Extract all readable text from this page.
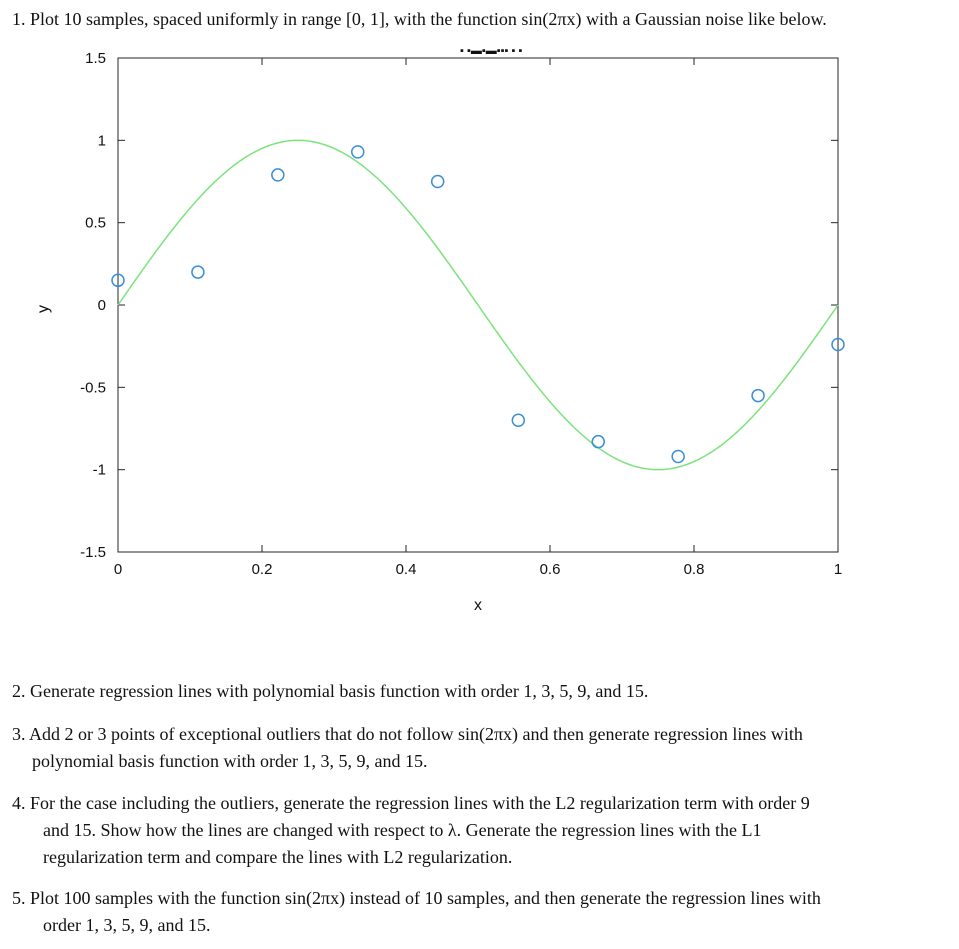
1. Plot 10 samples, spaced uniformly in range [0, 1], with the function sin(2πx) with a Gaussian noise like below.

▪ ▪▬▪▬▪▪▪ ▪ ▪
1.5
1
0.5
0
-0.5
-1
-1.5
0	0.2	0.4	0.6	0.8	1
x
y

2. Generate regression lines with polynomial basis function with order 1, 3, 5, 9, and 15.

3. Add 2 or 3 points of exceptional outliers that do not follow sin(2πx) and then generate regression lines with

polynomial basis function with order 1, 3, 5, 9, and 15.

4. For the case including the outliers, generate the regression lines with the L2 regularization term with order 9

and 15. Show how the lines are changed with respect to λ. Generate the regression lines with the L1

regularization term and compare the lines with L2 regularization.

5. Plot 100 samples with the function sin(2πx) instead of 10 samples, and then generate the regression lines with

order 1, 3, 5, 9, and 15.
